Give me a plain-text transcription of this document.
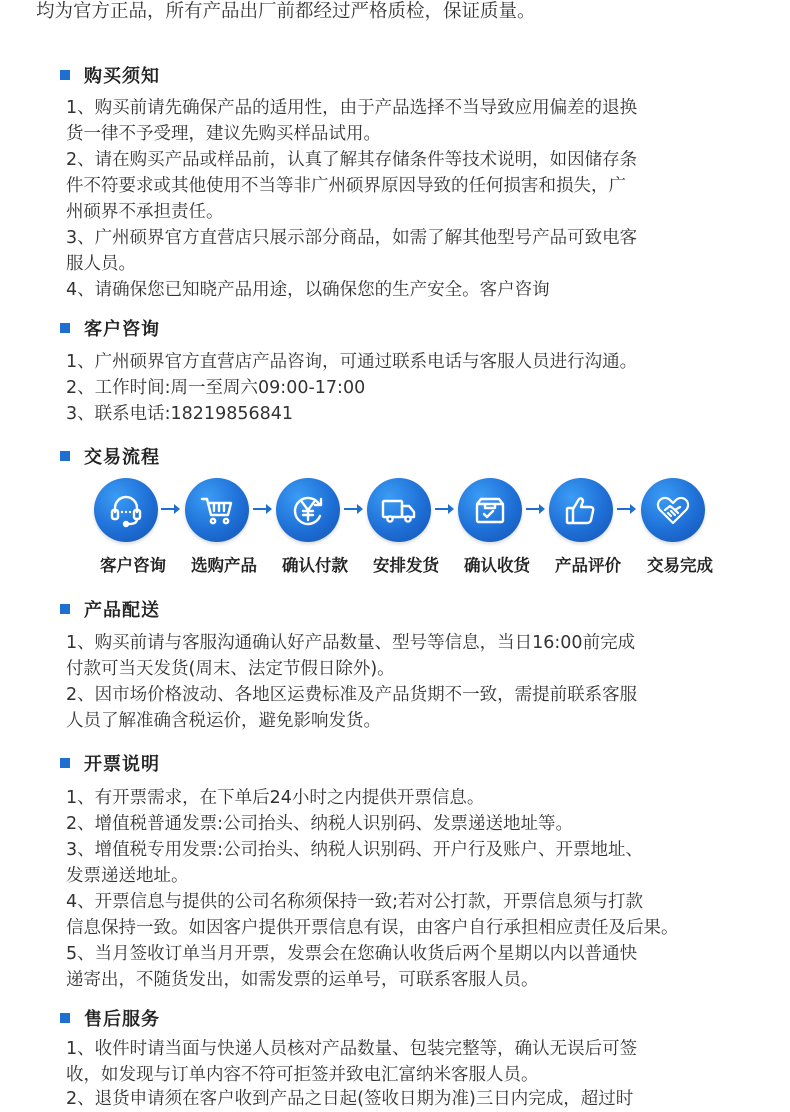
均为官方正品，所有产品出厂前都经过严格质检，保证质量。
购买须知
1、购买前请先确保产品的适用性，由于产品选择不当导致应用偏差的退换
货一律不予受理，建议先购买样品试用。
2、请在购买产品或样品前，认真了解其存储条件等技术说明，如因储存条
件不符要求或其他使用不当等非广州硕界原因导致的任何损害和损失，广
州硕界不承担责任。
3、广州硕界官方直营店只展示部分商品，如需了解其他型号产品可致电客
服人员。
4、请确保您已知晓产品用途，以确保您的生产安全。客户咨询
客户咨询
1、广州硕界官方直营店产品咨询，可通过联系电话与客服人员进行沟通。
2、工作时间:周一至周六09:00-17:00
3、联系电话:18219856841
交易流程
客户咨询	选购产品	确认付款	安排发货	确认收货	产品评价	交易完成
产品配送
1、购买前请与客服沟通确认好产品数量、型号等信息，当日16:00前完成
付款可当天发货(周末、法定节假日除外)。
2、因市场价格波动、各地区运费标准及产品货期不一致，需提前联系客服
人员了解准确含税运价，避免影响发货。
开票说明
1、有开票需求，在下单后24小时之内提供开票信息。
2、增值税普通发票:公司抬头、纳税人识别码、发票递送地址等。
3、增值税专用发票:公司抬头、纳税人识别码、开户行及账户、开票地址、
发票递送地址。
4、开票信息与提供的公司名称须保持一致;若对公打款，开票信息须与打款
信息保持一致。如因客户提供开票信息有误，由客户自行承担相应责任及后果。
5、当月签收订单当月开票，发票会在您确认收货后两个星期以内以普通快
递寄出，不随货发出，如需发票的运单号，可联系客服人员。
售后服务
1、收件时请当面与快递人员核对产品数量、包装完整等，确认无误后可签
收，如发现与订单内容不符可拒签并致电汇富纳米客服人员。
2、退货申请须在客户收到产品之日起(签收日期为准)三日内完成，超过时
